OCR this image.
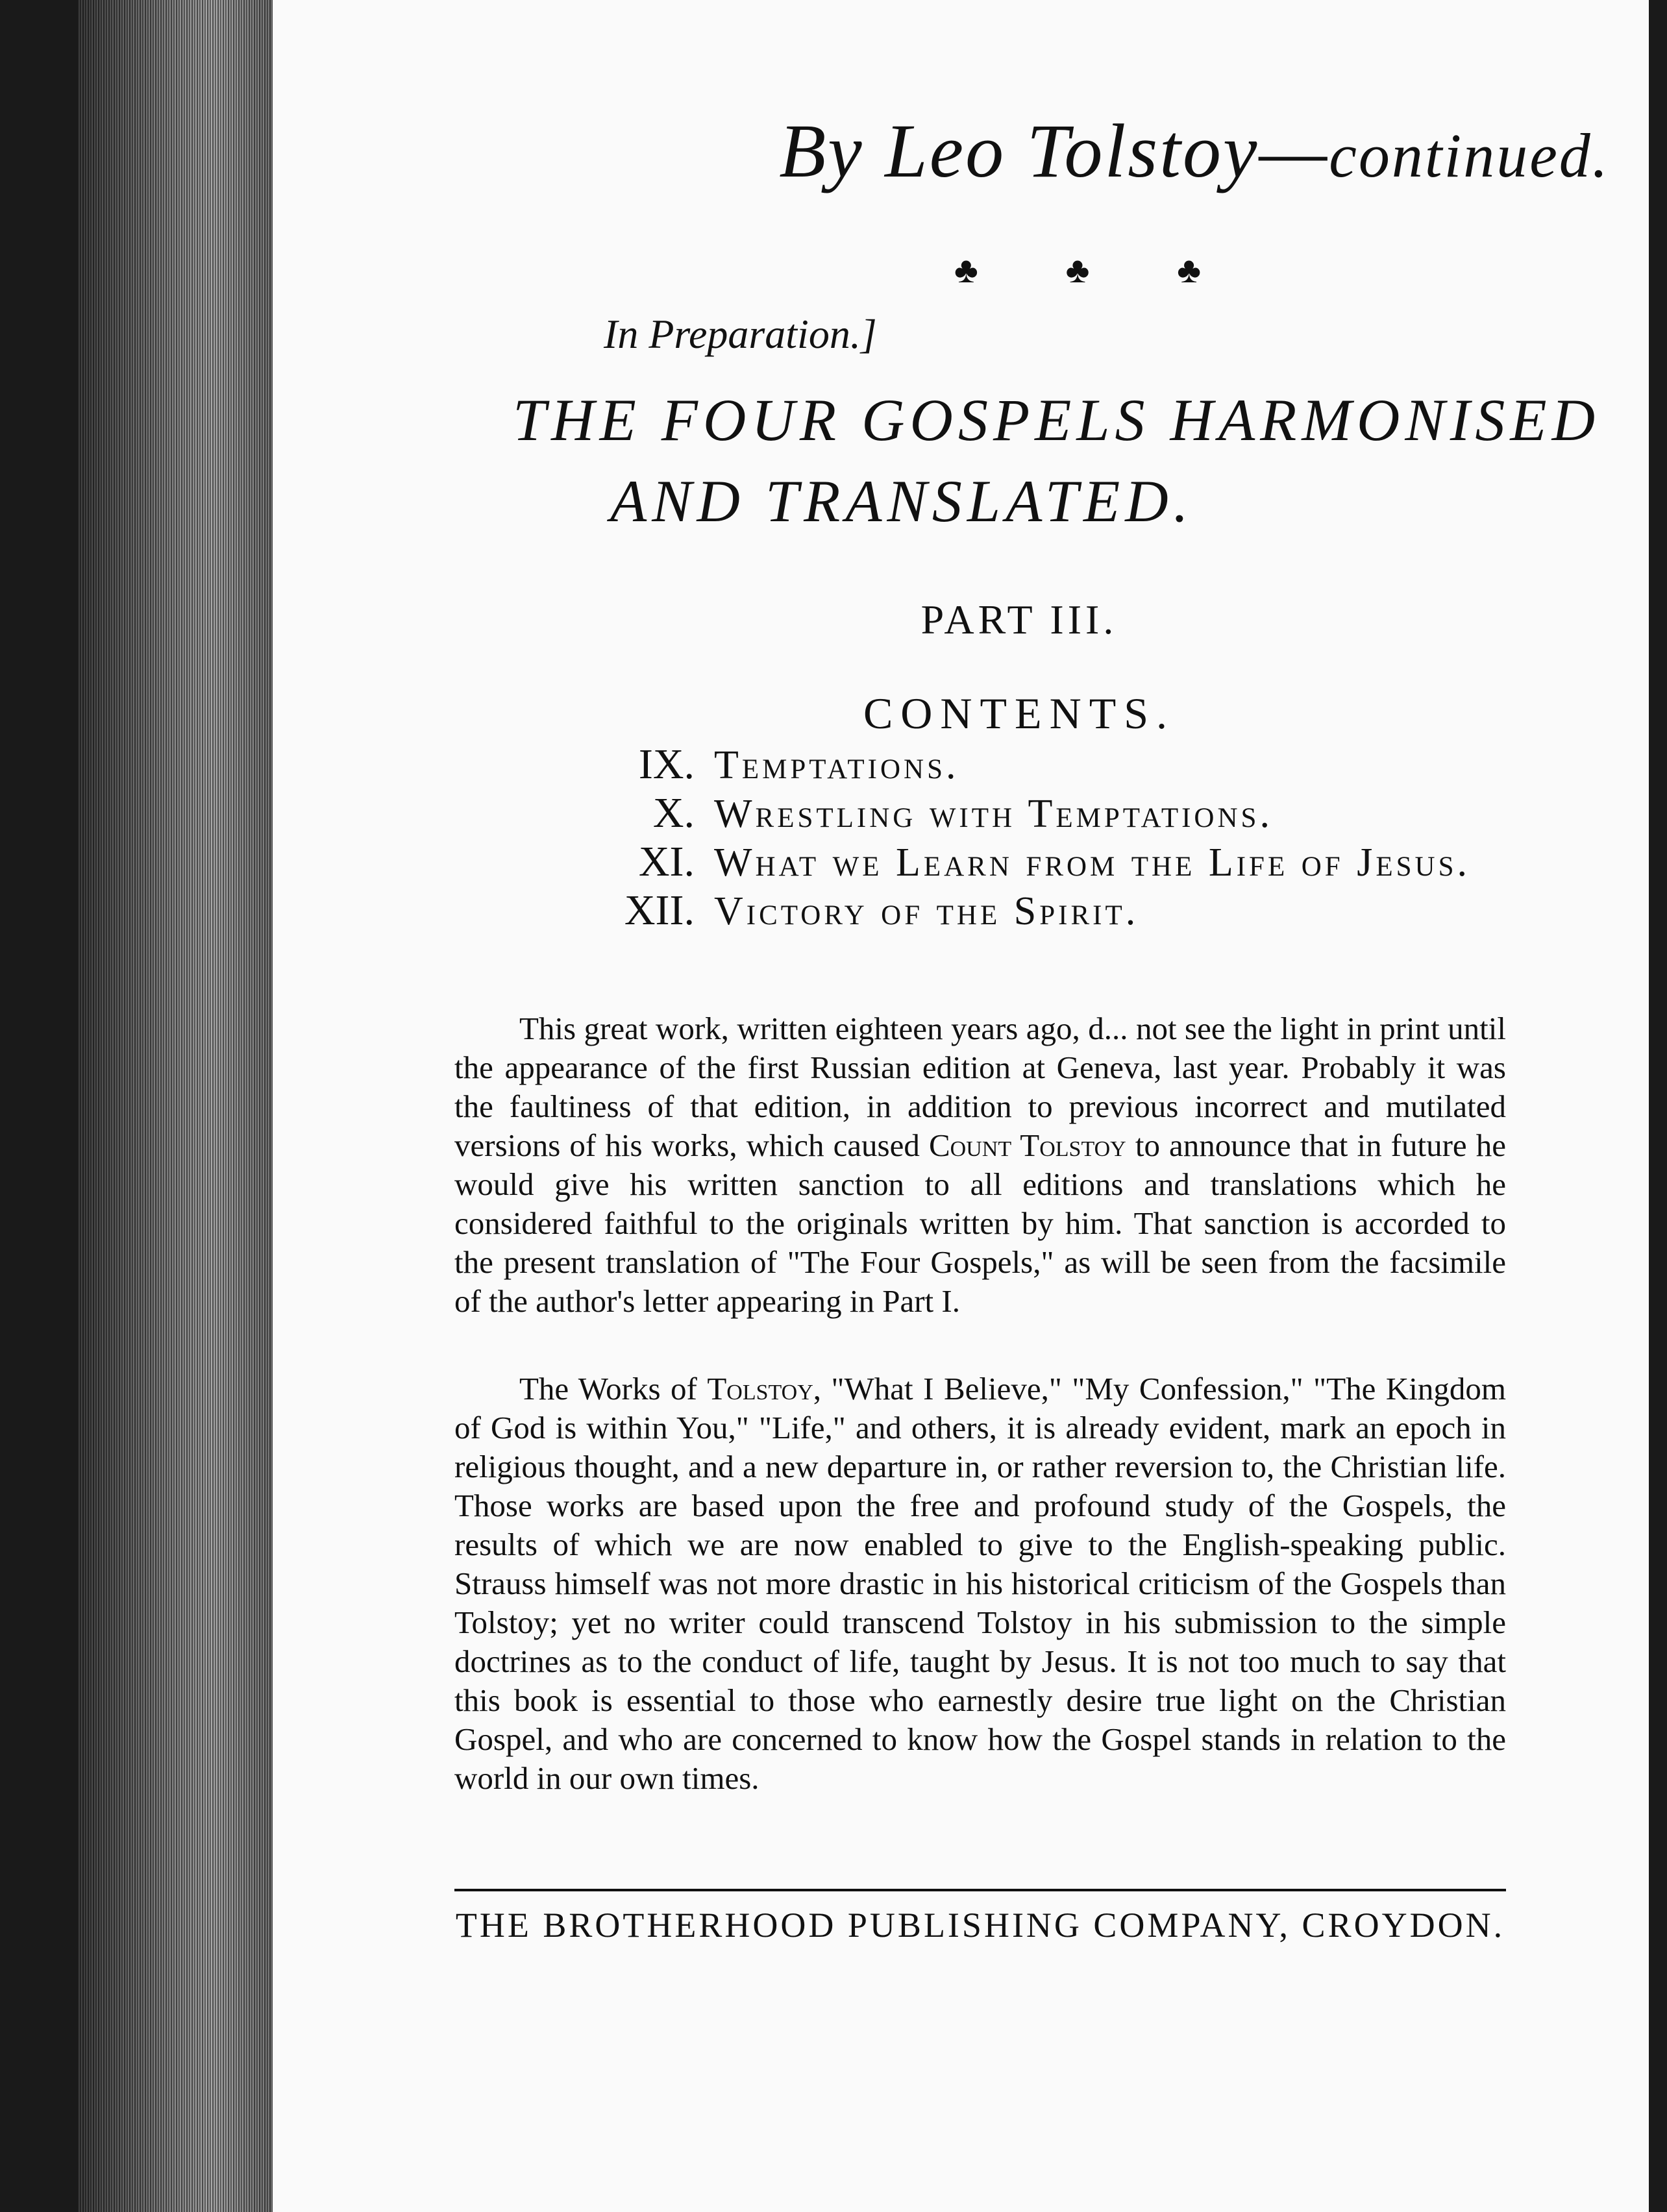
By Leo Tolstoy—continued.
♣ ♣ ♣
In Preparation.]
THE FOUR GOSPELS HARMONISED
AND TRANSLATED.
PART III.
CONTENTS.
IX. Temptations.
X. Wrestling with Temptations.
XI. What we Learn from the Life of Jesus.
XII. Victory of the Spirit.

This great work, written eighteen years ago, d... not see the light in print until the appearance of the first Russian edition at Geneva, last year. Probably it was the faultiness of that edition, in addition to previous incorrect and mutilated versions of his works, which caused Count Tolstoy to announce that in future he would give his written sanction to all editions and translations which he considered faithful to the originals written by him. That sanction is accorded to the present translation of "The Four Gospels," as will be seen from the facsimile of the author's letter appearing in Part I.

The Works of Tolstoy, "What I Believe," "My Confession," "The Kingdom of God is within You," "Life," and others, it is already evident, mark an epoch in religious thought, and a new departure in, or rather reversion to, the Christian life. Those works are based upon the free and profound study of the Gospels, the results of which we are now enabled to give to the English-speaking public. Strauss himself was not more drastic in his historical criticism of the Gospels than Tolstoy; yet no writer could transcend Tolstoy in his submission to the simple doctrines as to the conduct of life, taught by Jesus. It is not too much to say that this book is essential to those who earnestly desire true light on the Christian Gospel, and who are concerned to know how the Gospel stands in relation to the world in our own times.

THE BROTHERHOOD PUBLISHING COMPANY, CROYDON.
